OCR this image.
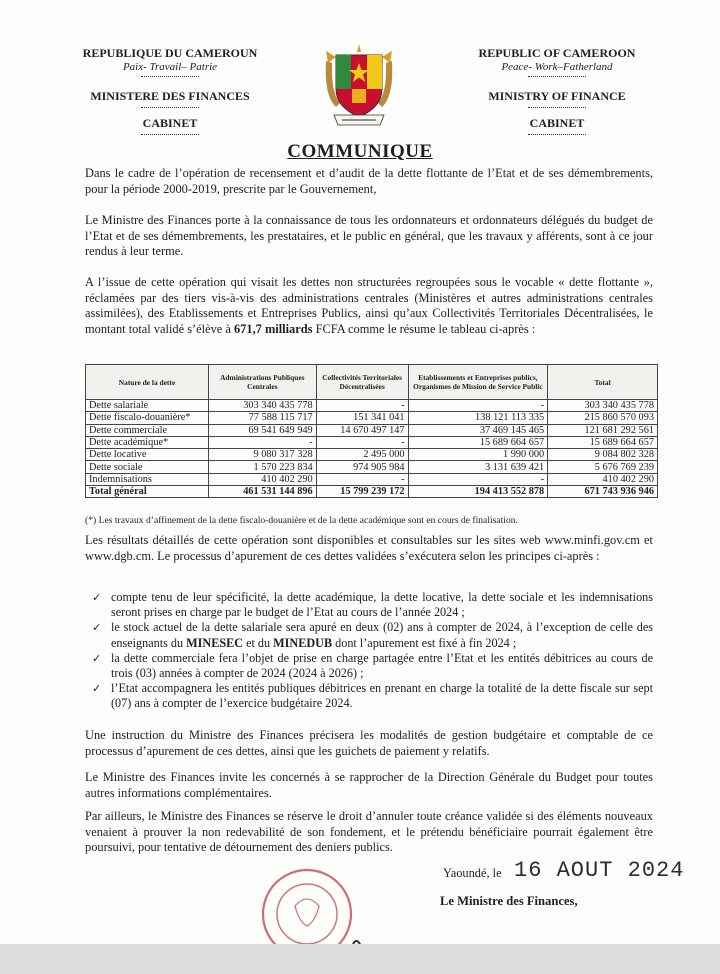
REPUBLIQUE DU CAMEROUN
Paix- Travail– Patrie
MINISTERE DES FINANCES
CABINET
REPUBLIC OF CAMEROON
Peace- Work–Fatherland
MINISTRY OF FINANCE
CABINET
COMMUNIQUE
Dans le cadre de l’opération de recensement et d’audit de la dette flottante de l’Etat et de ses démembrements, pour la période 2000-2019, prescrite par le Gouvernement,
Le Ministre des Finances porte à la connaissance de tous les ordonnateurs et ordonnateurs délégués du budget de l’Etat et de ses démembrements, les prestataires, et le public en général, que les travaux y afférents, sont à ce jour rendus à leur terme.
A l’issue de cette opération qui visait les dettes non structurées regroupées sous le vocable « dette flottante », réclamées par des tiers vis-à-vis des administrations centrales (Ministères et autres administrations centrales assimilées), des Etablissements et Entreprises Publics, ainsi qu’aux Collectivités Territoriales Décentralisées, le montant total validé s’élève à 671,7 milliards FCFA comme le résume le tableau ci-après :
Nature de la dette	Administrations Publiques Centrales	Collectivités Territoriales Décentralisées	Etablissements et Entreprises publics, Organismes de Mission de Service Public	Total
Dette salariale	303 340 435 778	-	-	303 340 435 778
Dette fiscalo-douanière*	77 588 115 717	151 341 041	138 121 113 335	215 860 570 093
Dette commerciale	69 541 649 949	14 670 497 147	37 469 145 465	121 681 292 561
Dette académique*	-	-	15 689 664 657	15 689 664 657
Dette locative	9 080 317 328	2 495 000	1 990 000	9 084 802 328
Dette sociale	1 570 223 834	974 905 984	3 131 639 421	5 676 769 239
Indemnisations	410 402 290	-	-	410 402 290
Total général	461 531 144 896	15 799 239 172	194 413 552 878	671 743 936 946
(*) Les travaux d’affinement de la dette fiscalo-douanière et de la dette académique sont en cours de finalisation.
Les résultats détaillés de cette opération sont disponibles et consultables sur les sites web www.minfi.gov.cm et www.dgb.cm. Le processus d’apurement de ces dettes validées s’exécutera selon les principes ci-après :
✓ compte tenu de leur spécificité, la dette académique, la dette locative, la dette sociale et les indemnisations seront prises en charge par le budget de l’Etat au cours de l’année 2024 ;
✓ le stock actuel de la dette salariale sera apuré en deux (02) ans à compter de 2024, à l’exception de celle des enseignants du MINESEC et du MINEDUB dont l’apurement est fixé à fin 2024 ;
✓ la dette commerciale fera l’objet de prise en charge partagée entre l’Etat et les entités débitrices au cours de trois (03) années à compter de 2024 (2024 à 2026) ;
✓ l’Etat accompagnera les entités publiques débitrices en prenant en charge la totalité de la dette fiscale sur sept (07) ans à compter de l’exercice budgétaire 2024.
Une instruction du Ministre des Finances précisera les modalités de gestion budgétaire et comptable de ce processus d’apurement de ces dettes, ainsi que les guichets de paiement y relatifs.
Le Ministre des Finances invite les concernés à se rapprocher de la Direction Générale du Budget pour toutes autres informations complémentaires.
Par ailleurs, le Ministre des Finances se réserve le droit d’annuler toute créance validée si des éléments nouveaux venaient à prouver la non redevabilité de son fondement, et le prétendu bénéficiaire pourrait également être poursuivi, pour tentative de détournement des deniers publics.
Yaoundé, le 16 AOUT 2024
Le Ministre des Finances,
